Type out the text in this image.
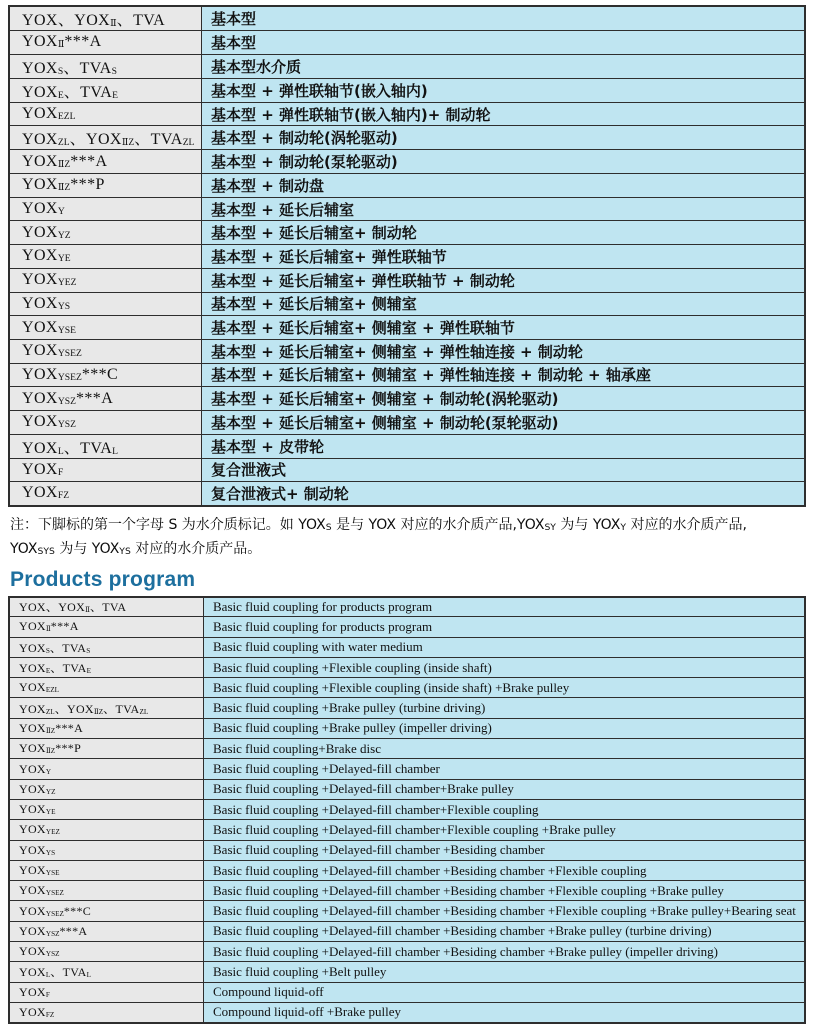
YOX、$YOX_Ⅱ$、TVA	基本型
$YOX_Ⅱ***A$	基本型
$YOX_S$、$TVA_S$	基本型水介质
$YOX_E$、$TVA_E$	基本型 + 弹性联轴节(嵌入轴内)
$YOX_{EZL}$	基本型 + 弹性联轴节(嵌入轴内)+ 制动轮
$YOX_{ZL}$、$YOX_{ⅡZ}$、$TVA_{ZL}$	基本型 + 制动轮(涡轮驱动)
$YOX_{ⅡZ}***A$	基本型 + 制动轮(泵轮驱动)
$YOX_{ⅡZ}***P$	基本型 + 制动盘
$YOX_Y$	基本型 + 延长后辅室
$YOX_{YZ}$	基本型 + 延长后辅室+ 制动轮
$YOX_{YE}$	基本型 + 延长后辅室+ 弹性联轴节
$YOX_{YEZ}$	基本型 + 延长后辅室+ 弹性联轴节 + 制动轮
$YOX_{YS}$	基本型 + 延长后辅室+ 侧辅室
$YOX_{YSE}$	基本型 + 延长后辅室+ 侧辅室 + 弹性联轴节
$YOX_{YSEZ}$	基本型 + 延长后辅室+ 侧辅室 + 弹性轴连接 + 制动轮
$YOX_{YSEZ}***C$	基本型 + 延长后辅室+ 侧辅室 + 弹性轴连接 + 制动轮 + 轴承座
$YOX_{YSZ}***A$	基本型 + 延长后辅室+ 侧辅室 + 制动轮(涡轮驱动)
$YOX_{YSZ}$	基本型 + 延长后辅室+ 侧辅室 + 制动轮(泵轮驱动)
$YOX_L$、$TVA_L$	基本型 + 皮带轮
$YOX_F$	复合泄液式
$YOX_{FZ}$	复合泄液式+ 制动轮
注：下脚标的第一个字母 S 为水介质标记。如 $YOX_S$ 是与 YOX 对应的水介质产品$,YOX_{SY}$ 为与 $YOX_Y$ 对应的水介质产品,
$YOX_{SYS}$ 为与 $YOX_{YS}$ 对应的水介质产品。
Products program
YOX、$YOX_Ⅱ$、TVA	Basic fluid coupling for products program
$YOX_Ⅱ***A$	Basic fluid coupling for products program
$YOX_S$、$TVA_S$	Basic fluid coupling with water medium
$YOX_E$、$TVA_E$	Basic fluid coupling +Flexible coupling (inside shaft)
$YOX_{EZL}$	Basic fluid coupling +Flexible coupling (inside shaft) +Brake pulley
$YOX_{ZL}$、$YOX_{ⅡZ}$、$TVA_{ZL}$	Basic fluid coupling +Brake pulley (turbine driving)
$YOX_{ⅡZ}***A$	Basic fluid coupling +Brake pulley (impeller driving)
$YOX_{ⅡZ}***P$	Basic fluid coupling+Brake disc
$YOX_Y$	Basic fluid coupling +Delayed-fill chamber
$YOX_{YZ}$	Basic fluid coupling +Delayed-fill chamber+Brake pulley
$YOX_{YE}$	Basic fluid coupling +Delayed-fill chamber+Flexible coupling
$YOX_{YEZ}$	Basic fluid coupling +Delayed-fill chamber+Flexible coupling +Brake pulley
$YOX_{YS}$	Basic fluid coupling +Delayed-fill chamber +Besiding chamber
$YOX_{YSE}$	Basic fluid coupling +Delayed-fill chamber +Besiding chamber +Flexible coupling
$YOX_{YSEZ}$	Basic fluid coupling +Delayed-fill chamber +Besiding chamber +Flexible coupling +Brake pulley
$YOX_{YSEZ}***C$	Basic fluid coupling +Delayed-fill chamber +Besiding chamber +Flexible coupling +Brake pulley+Bearing seat
$YOX_{YSZ}***A$	Basic fluid coupling +Delayed-fill chamber +Besiding chamber +Brake pulley (turbine driving)
$YOX_{YSZ}$	Basic fluid coupling +Delayed-fill chamber +Besiding chamber +Brake pulley (impeller driving)
$YOX_L$、$TVA_L$	Basic fluid coupling +Belt pulley
$YOX_F$	Compound liquid-off
$YOX_{FZ}$	Compound liquid-off +Brake pulley
